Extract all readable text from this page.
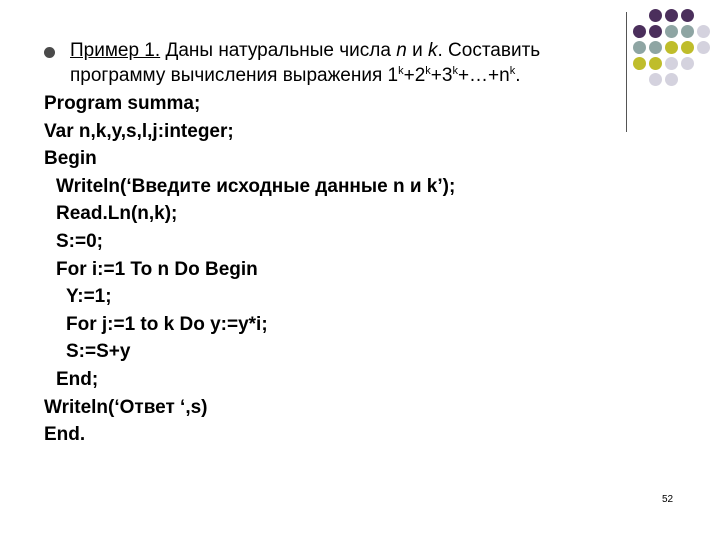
Пример 1. Даны натуральные числа n и k. Составить
программу вычисления выражения $1^k+2^k+3^k+\dots+n^k$.
Program summa;
Var n,k,y,s,l,j:integer;
Begin
Writeln(‘Введите исходные данные n и k’);
Read.Ln(n,k);
S:=0;
For i:=1 To n Do Begin
Y:=1;
For j:=1 to k Do y:=y*i;
S:=S+y
End;
Writeln(‘Ответ ‘,s)
End.
52
